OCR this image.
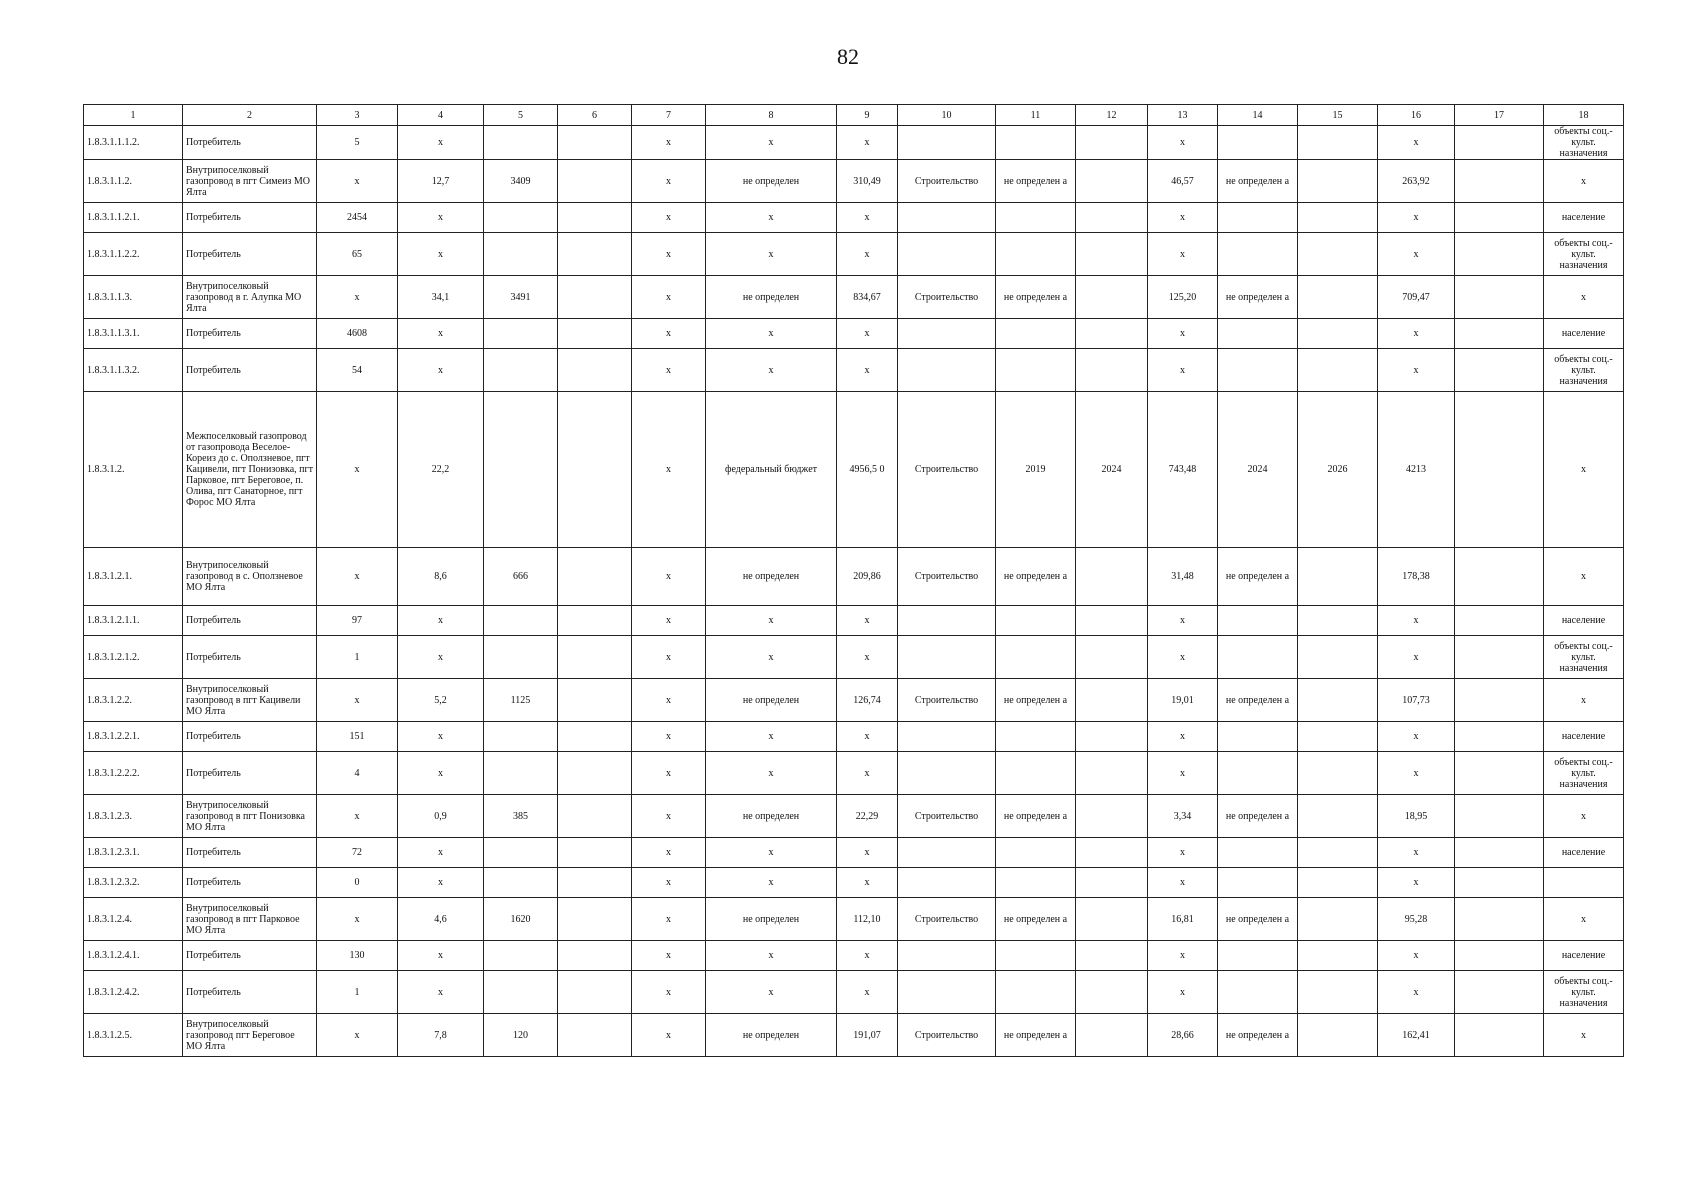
82
1	2	3	4	5	6	7	8	9	10	11	12	13	14	15	16	17	18
1.8.3.1.1.1.2.	Потребитель	5	x			x	x	x				x			x		объекты соц.-культ. назначения
1.8.3.1.1.2.	Внутрипоселковый газопровод в пгт Симеиз МО Ялта	x	12,7	3409		x	не определен	310,49	Строительство	не определен а		46,57	не определен а		263,92		x
1.8.3.1.1.2.1.	Потребитель	2454	x			x	x	x				x			x		население
1.8.3.1.1.2.2.	Потребитель	65	x			x	x	x				x			x		объекты соц.-культ. назначения
1.8.3.1.1.3.	Внутрипоселковый газопровод в г. Алупка МО Ялта	x	34,1	3491		x	не определен	834,67	Строительство	не определен а		125,20	не определен а		709,47		x
1.8.3.1.1.3.1.	Потребитель	4608	x			x	x	x				x			x		население
1.8.3.1.1.3.2.	Потребитель	54	x			x	x	x				x			x		объекты соц.-культ. назначения
1.8.3.1.2.	Межпоселковый газопровод от газопровода Веселое-Кореиз до с. Оползневое, пгт Кацивели, пгт Понизовка, пгт Парковое, пгт Береговое, п. Олива, пгт Санаторное, пгт Форос МО Ялта	x	22,2			x	федеральный бюджет	4956,5 0	Строительство	2019	2024	743,48	2024	2026	4213		x
1.8.3.1.2.1.	Внутрипоселковый газопровод в с. Оползневое МО Ялта	x	8,6	666		x	не определен	209,86	Строительство	не определен а		31,48	не определен а		178,38		x
1.8.3.1.2.1.1.	Потребитель	97	x			x	x	x				x			x		население
1.8.3.1.2.1.2.	Потребитель	1	x			x	x	x				x			x		объекты соц.-культ. назначения
1.8.3.1.2.2.	Внутрипоселковый газопровод в пгт Кацивели МО Ялта	x	5,2	1125		x	не определен	126,74	Строительство	не определен а		19,01	не определен а		107,73		x
1.8.3.1.2.2.1.	Потребитель	151	x			x	x	x				x			x		население
1.8.3.1.2.2.2.	Потребитель	4	x			x	x	x				x			x		объекты соц.-культ. назначения
1.8.3.1.2.3.	Внутрипоселковый газопровод в пгт Понизовка МО Ялта	x	0,9	385		x	не определен	22,29	Строительство	не определен а		3,34	не определен а		18,95		x
1.8.3.1.2.3.1.	Потребитель	72	x			x	x	x				x			x		население
1.8.3.1.2.3.2.	Потребитель	0	x			x	x	x				x			x		
1.8.3.1.2.4.	Внутрипоселковый газопровод в пгт Парковое МО Ялта	x	4,6	1620		x	не определен	112,10	Строительство	не определен а		16,81	не определен а		95,28		x
1.8.3.1.2.4.1.	Потребитель	130	x			x	x	x				x			x		население
1.8.3.1.2.4.2.	Потребитель	1	x			x	x	x				x			x		объекты соц.-культ. назначения
1.8.3.1.2.5.	Внутрипоселковый газопровод пгт Береговое МО Ялта	x	7,8	120		x	не определен	191,07	Строительство	не определен а		28,66	не определен а		162,41		x
